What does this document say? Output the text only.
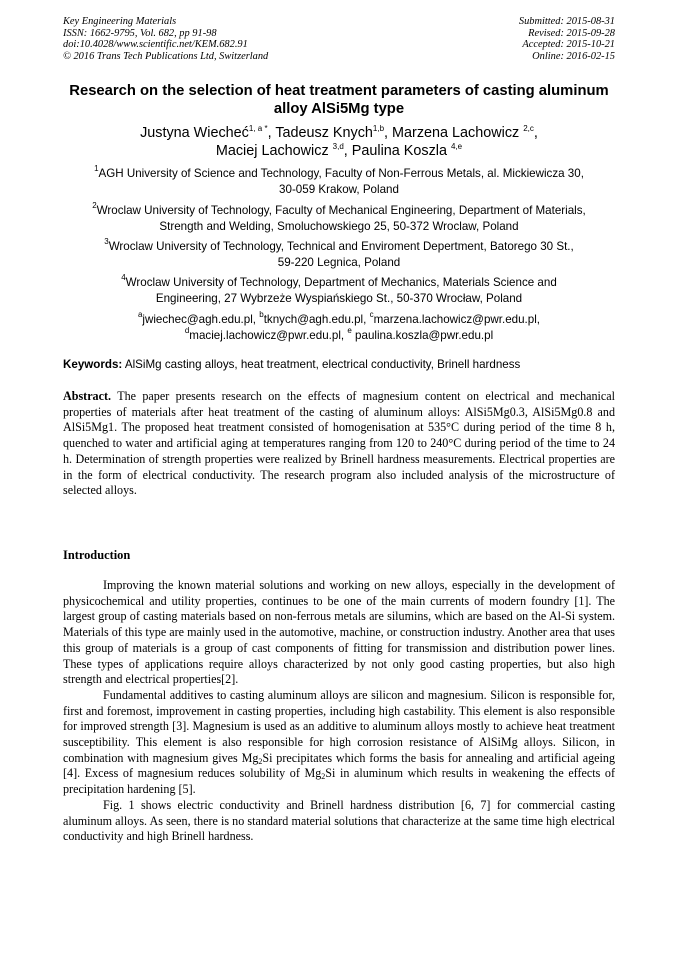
Key Engineering Materials
ISSN: 1662-9795, Vol. 682, pp 91-98
doi:10.4028/www.scientific.net/KEM.682.91
© 2016 Trans Tech Publications Ltd, Switzerland
Submitted: 2015-08-31
Revised: 2015-09-28
Accepted: 2015-10-21
Online: 2016-02-15
Research on the selection of heat treatment parameters of casting aluminum alloy AlSi5Mg type
Justyna Wiecheć$^{1, a *}$, Tadeusz Knych$^{1,b}$, Marzena Lachowicz $^{2,c}$,
Maciej Lachowicz $^{3,d}$, Paulina Koszla $^{4,e}$
$^1$AGH University of Science and Technology, Faculty of Non-Ferrous Metals, al. Mickiewicza 30,
30-059 Krakow, Poland
$^2$Wroclaw University of Technology, Faculty of Mechanical Engineering, Department of Materials,
Strength and Welding, Smoluchowskiego 25, 50-372 Wroclaw, Poland
$^3$Wroclaw University of Technology, Technical and Enviroment Depertment, Batorego 30 St.,
59-220 Legnica, Poland
$^4$Wroclaw University of Technology, Department of Mechanics, Materials Science and
Engineering, 27 Wybrzeże Wyspiańskiego St., 50-370 Wrocław, Poland
$^a$jwiechec@agh.edu.pl, $^b$tknych@agh.edu.pl, $^c$marzena.lachowicz@pwr.edu.pl,
$^d$maciej.lachowicz@pwr.edu.pl, $^e$ paulina.koszla@pwr.edu.pl
Keywords: AlSiMg casting alloys, heat treatment, electrical conductivity, Brinell hardness
Abstract. The paper presents research on the effects of magnesium content on electrical and mechanical properties of materials after heat treatment of the casting of aluminum alloys: AlSi5Mg0.3, AlSi5Mg0.8 and AlSi5Mg1. The proposed heat treatment consisted of homogenisation at 535°C during period of the time 8 h, quenched to water and artificial aging at temperatures ranging from 120 to 240°C during period of the time to 24 h. Determination of strength properties were realized by Brinell hardness measurements. Electrical properties are in the form of electrical conductivity. The research program also included analysis of the microstructure of selected alloys.
Introduction

Improving the known material solutions and working on new alloys, especially in the development of physicochemical and utility properties, continues to be one of the main currents of modern foundry [1]. The largest group of casting materials based on non-ferrous metals are silumins, which are based on the Al-Si system. Materials of this type are mainly used in the automotive, machine, or construction industry. Another area that uses this group of materials is a group of cast components of fitting for transmission and distribution power lines. These types of applications require alloys characterized by not only good casting properties, but also high strength and electrical properties[2].

Fundamental additives to casting aluminum alloys are silicon and magnesium. Silicon is responsible for, first and foremost, improvement in casting properties, including high castability. This element is also responsible for improved strength [3]. Magnesium is used as an additive to aluminum alloys mostly to achieve heat treatment susceptibility. This element is also responsible for high corrosion resistance of AlSiMg alloys. Silicon, in combination with magnesium gives $Mg_2Si$ precipitates which forms the basis for annealing and artificial ageing [4]. Excess of magnesium reduces solubility of $Mg_2Si$ in aluminum which results in weakening the effects of precipitation hardening [5].

Fig. 1 shows electric conductivity and Brinell hardness distribution [6, 7] for commercial casting aluminum alloys. As seen, there is no standard material solutions that characterize at the same time high electrical conductivity and high Brinell hardness.
